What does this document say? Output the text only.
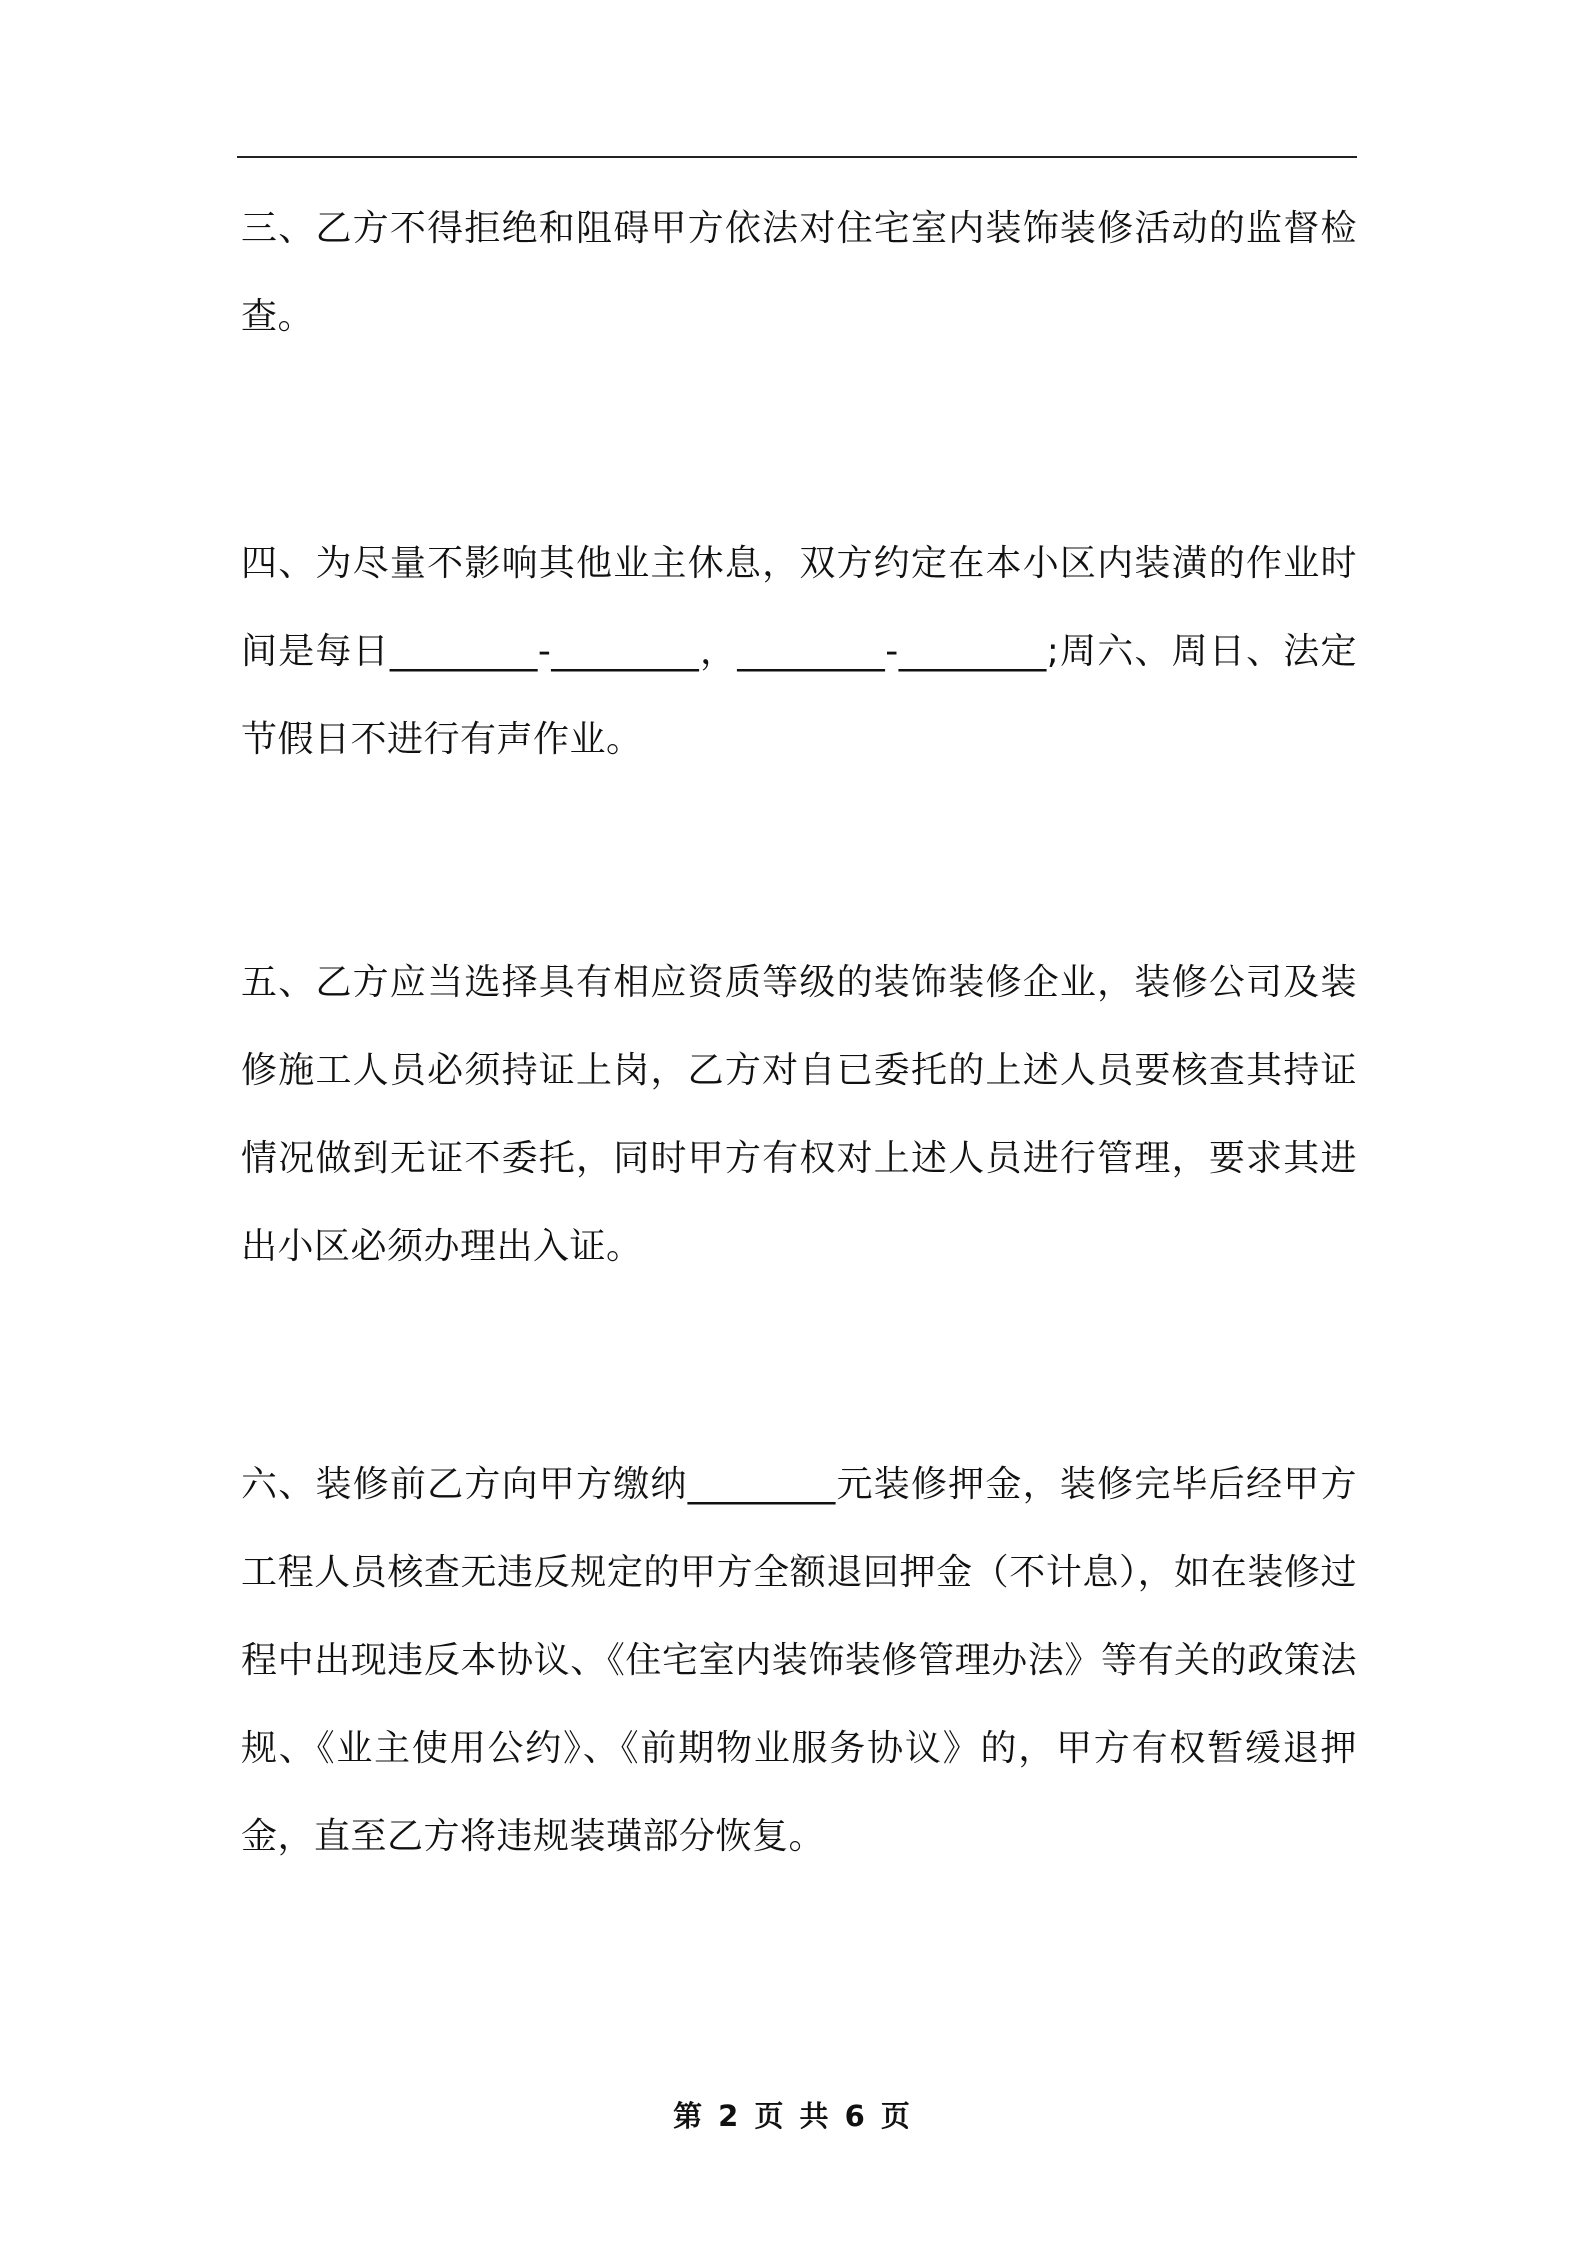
三、乙方不得拒绝和阻碍甲方依法对住宅室内装饰装修活动的监督检查。

四、为尽量不影响其他业主休息，双方约定在本小区内装潢的作业时间是每日________-________，________-________;周六、周日、法定节假日不进行有声作业。

五、乙方应当选择具有相应资质等级的装饰装修企业，装修公司及装修施工人员必须持证上岗，乙方对自已委托的上述人员要核查其持证情况做到无证不委托，同时甲方有权对上述人员进行管理，要求其进出小区必须办理出入证。

六、装修前乙方向甲方缴纳________元装修押金，装修完毕后经甲方工程人员核查无违反规定的甲方全额退回押金（不计息），如在装修过程中出现违反本协议、《住宅室内装饰装修管理办法》等有关的政策法规、《业主使用公约》、《前期物业服务协议》的，甲方有权暂缓退押金，直至乙方将违规装璜部分恢复。

第 2 页 共 6 页
